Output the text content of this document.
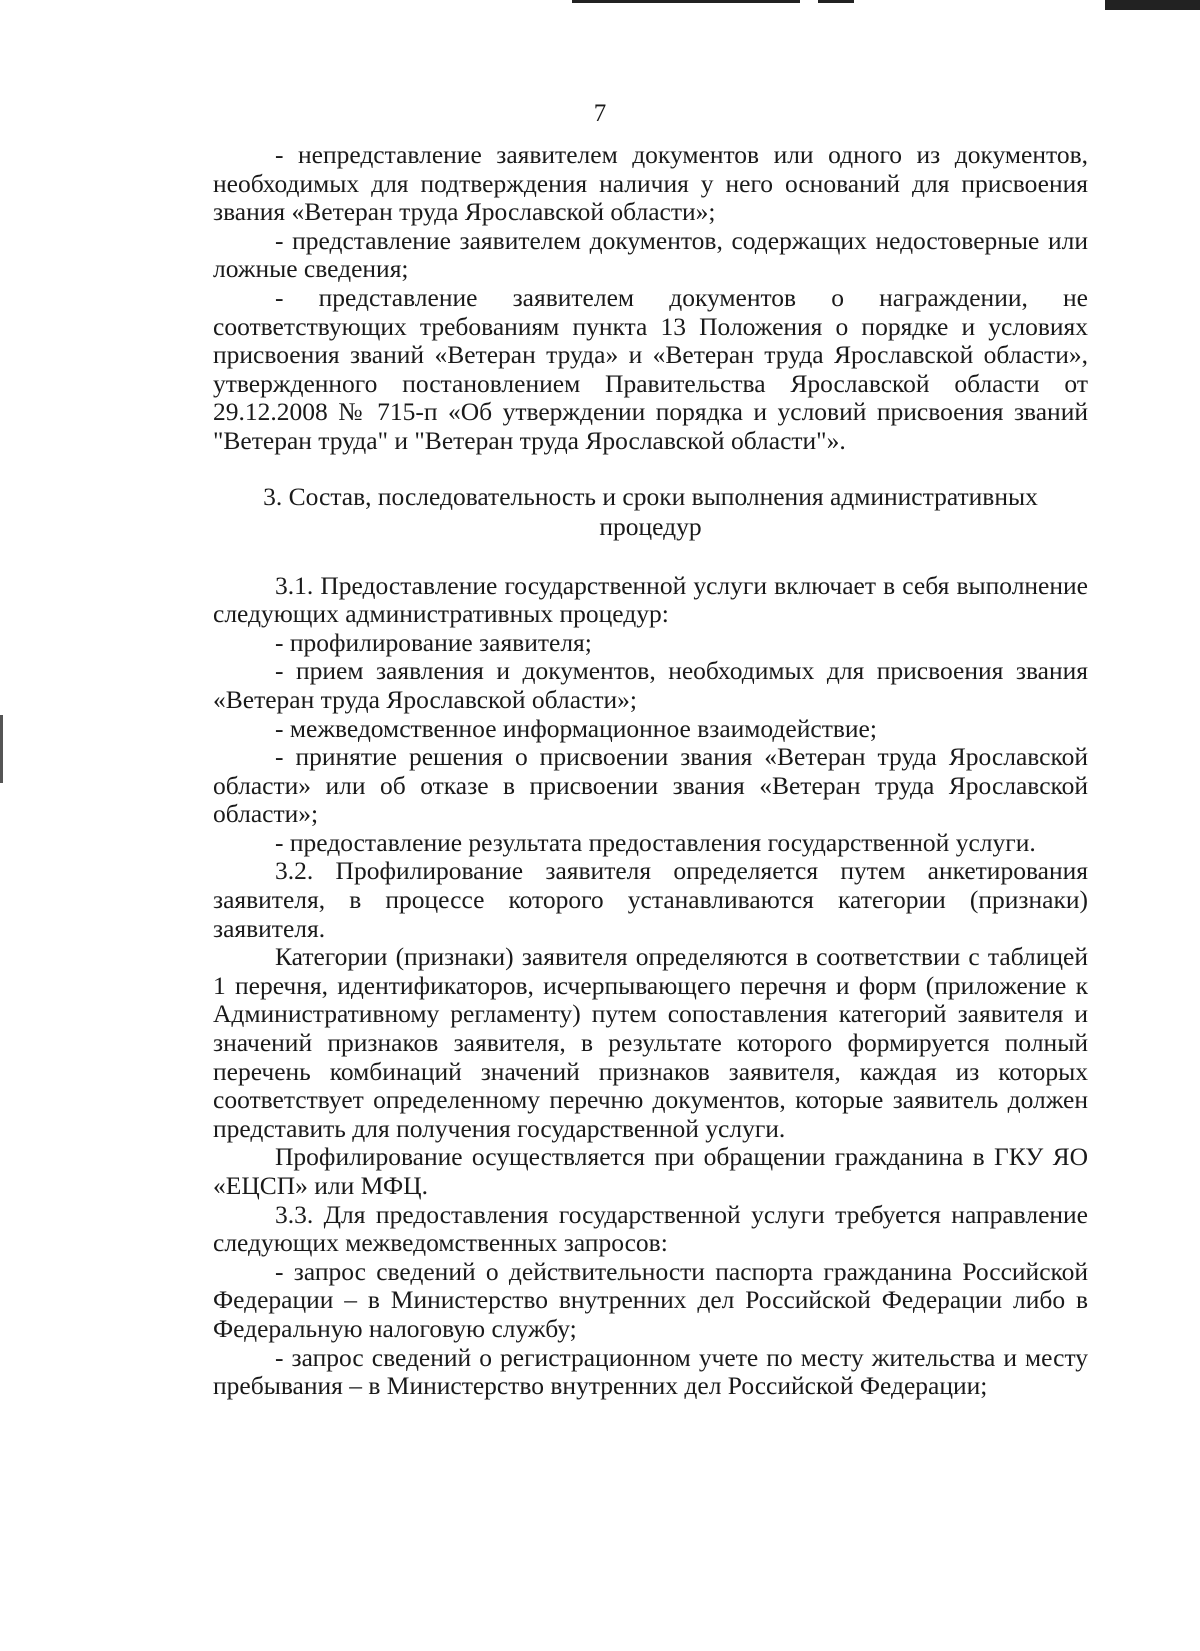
7

- непредставление заявителем документов или одного из документов, необходимых для подтверждения наличия у него оснований для присвоения звания «Ветеран труда Ярославской области»;

- представление заявителем документов, содержащих недостоверные или ложные сведения;

- представление заявителем документов о награждении, не соответствующих требованиям пункта 13 Положения о порядке и условиях присвоения званий «Ветеран труда» и «Ветеран труда Ярославской области», утвержденного постановлением Правительства Ярославской области от 29.12.2008 № 715-п «Об утверждении порядка и условий присвоения званий "Ветеран труда" и "Ветеран труда Ярославской области"».

3. Состав, последовательность и сроки выполнения административных процедур

3.1. Предоставление государственной услуги включает в себя выполнение следующих административных процедур:

- профилирование заявителя;

- прием заявления и документов, необходимых для присвоения звания «Ветеран труда Ярославской области»;

- межведомственное информационное взаимодействие;

- принятие решения о присвоении звания «Ветеран труда Ярославской области» или об отказе в присвоении звания «Ветеран труда Ярославской области»;

- предоставление результата предоставления государственной услуги.

3.2. Профилирование заявителя определяется путем анкетирования заявителя, в процессе которого устанавливаются категории (признаки) заявителя.

Категории (признаки) заявителя определяются в соответствии с таблицей 1 перечня, идентификаторов, исчерпывающего перечня и форм (приложение к Административному регламенту) путем сопоставления категорий заявителя и значений признаков заявителя, в результате которого формируется полный перечень комбинаций значений признаков заявителя, каждая из которых соответствует определенному перечню документов, которые заявитель должен представить для получения государственной услуги.

Профилирование осуществляется при обращении гражданина в ГКУ ЯО «ЕЦСП» или МФЦ.

3.3. Для предоставления государственной услуги требуется направление следующих межведомственных запросов:

- запрос сведений о действительности паспорта гражданина Российской Федерации – в Министерство внутренних дел Российской Федерации либо в Федеральную налоговую службу;

- запрос сведений о регистрационном учете по месту жительства и месту пребывания – в Министерство внутренних дел Российской Федерации;
